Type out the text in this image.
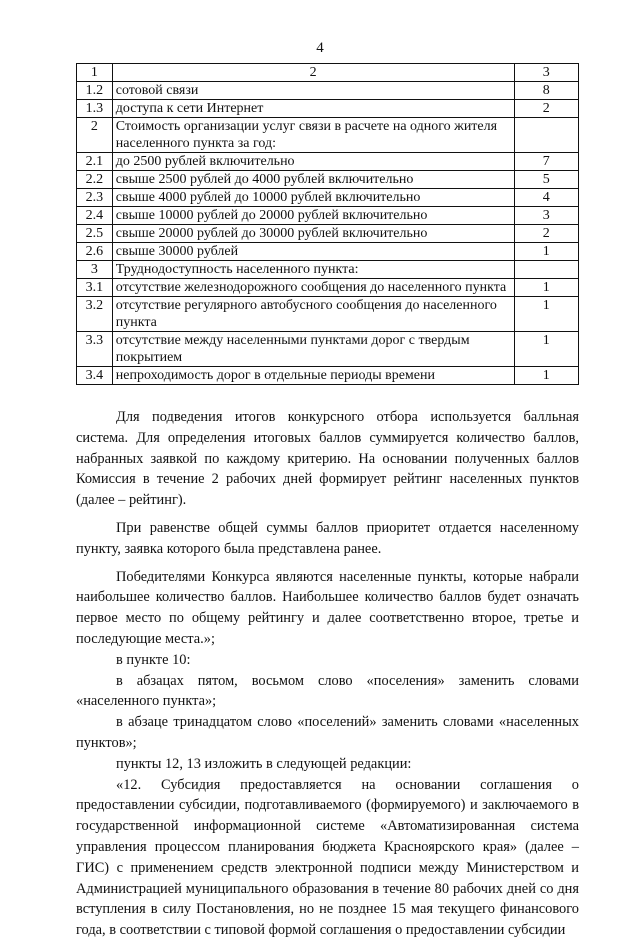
4
1	2	3
1.2	сотовой связи	8
1.3	доступа к сети Интернет	2
2	Стоимость организации услуг связи в расчете на одного жителя населенного пункта за год:	
2.1	до 2500 рублей включительно	7
2.2	свыше 2500 рублей до 4000 рублей включительно	5
2.3	свыше 4000 рублей до 10000 рублей включительно	4
2.4	свыше 10000 рублей до 20000 рублей включительно	3
2.5	свыше 20000 рублей до 30000 рублей включительно	2
2.6	свыше 30000 рублей	1
3	Труднодоступность населенного пункта:	
3.1	отсутствие железнодорожного сообщения до населенного пункта	1
3.2	отсутствие регулярного автобусного сообщения до населенного пункта	1
3.3	отсутствие между населенными пунктами дорог с твердым покрытием	1
3.4	непроходимость дорог в отдельные периоды времени	1

Для подведения итогов конкурсного отбора используется балльная система. Для определения итоговых баллов суммируется количество баллов, набранных заявкой по каждому критерию. На основании полученных баллов Комиссия в течение 2 рабочих дней формирует рейтинг населенных пунктов (далее – рейтинг).

При равенстве общей суммы баллов приоритет отдается населенному пункту, заявка которого была представлена ранее.

Победителями Конкурса являются населенные пункты, которые набрали наибольшее количество баллов. Наибольшее количество баллов будет означать первое место по общему рейтингу и далее соответственно второе, третье и последующие места.»;

в пункте 10:

в абзацах пятом, восьмом слово «поселения» заменить словами «населенного пункта»;

в абзаце тринадцатом слово «поселений» заменить словами «населенных пунктов»;

пункты 12, 13 изложить в следующей редакции:

«12. Субсидия предоставляется на основании соглашения о предоставлении субсидии, подготавливаемого (формируемого) и заключаемого в государственной информационной системе «Автоматизированная система управления процессом планирования бюджета Красноярского края» (далее – ГИС) с применением средств электронной подписи между Министерством и Администрацией муниципального образования в течение 80 рабочих дней со дня вступления в силу Постановления, но не позднее 15 мая текущего финансового года, в соответствии с типовой формой соглашения о предоставлении субсидии
